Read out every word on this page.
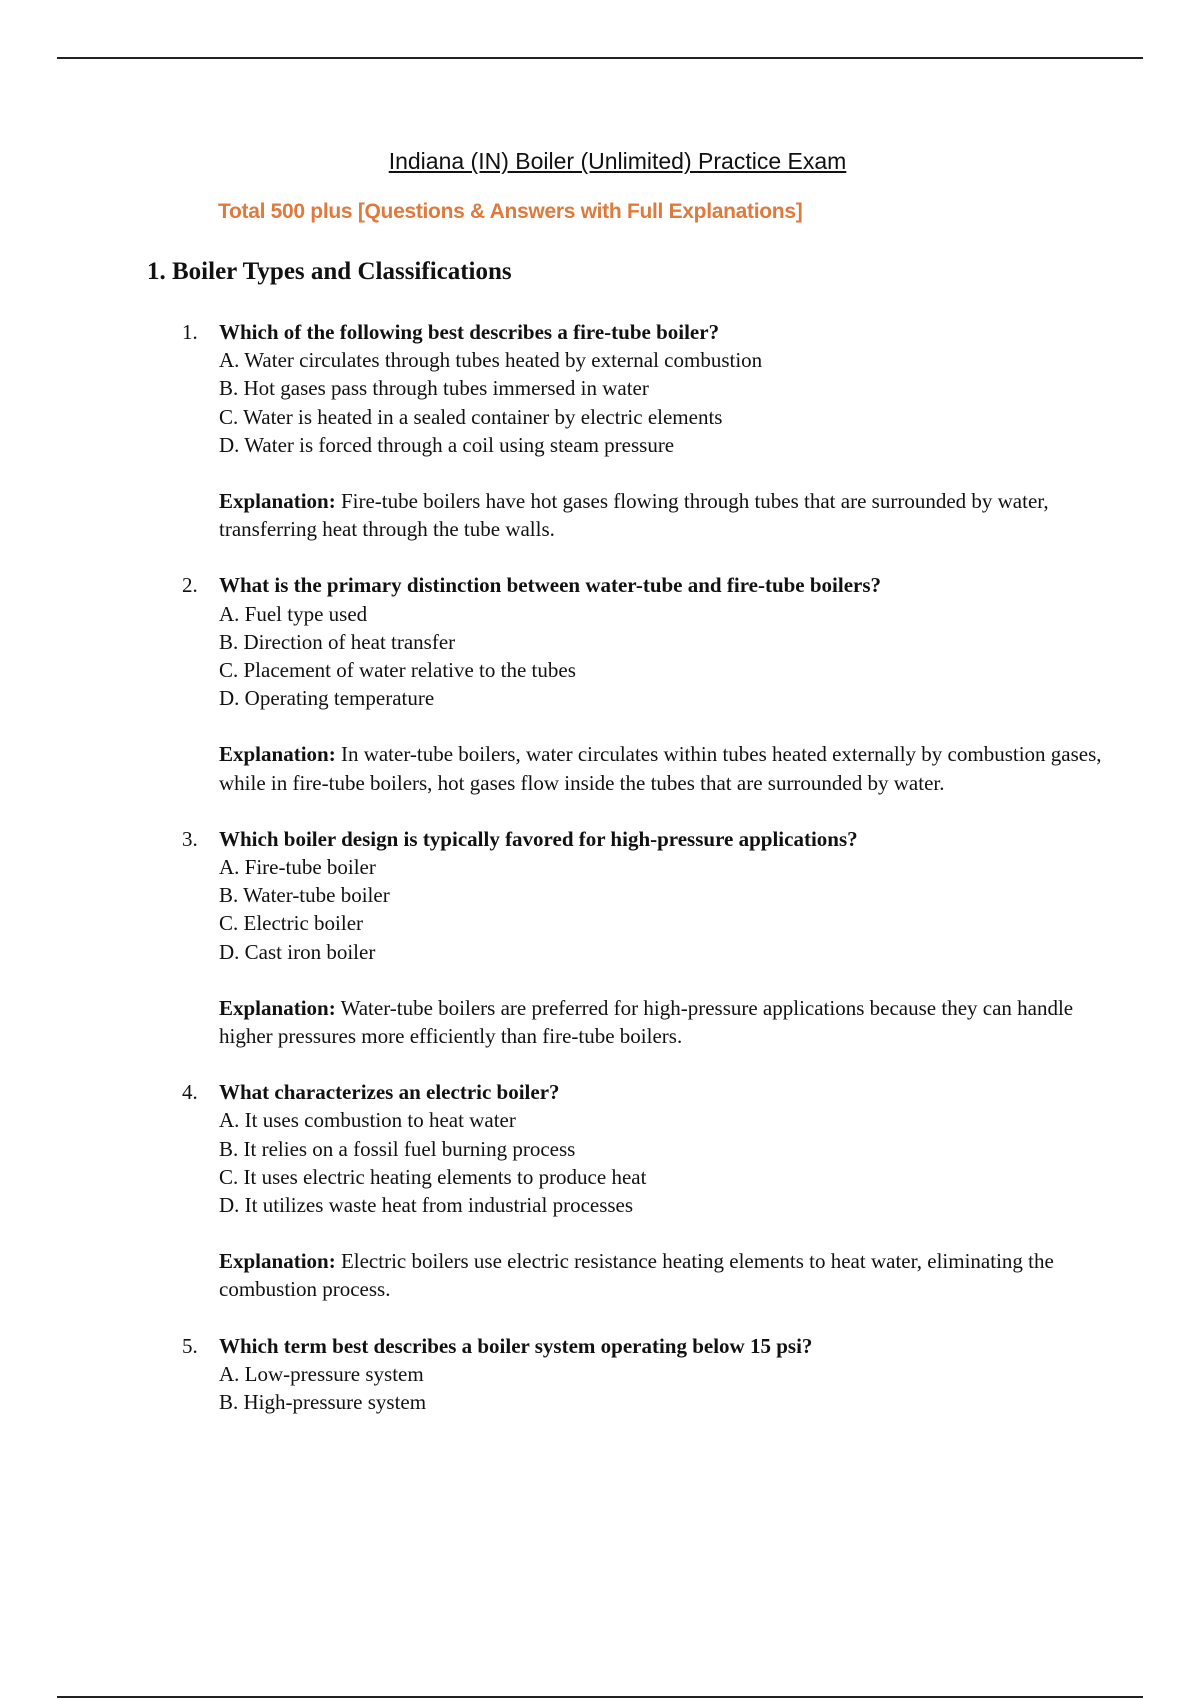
Indiana (IN) Boiler (Unlimited) Practice Exam
Total 500 plus [Questions & Answers with Full Explanations]
1. Boiler Types and Classifications
1. Which of the following best describes a fire-tube boiler?
A. Water circulates through tubes heated by external combustion
B. Hot gases pass through tubes immersed in water
C. Water is heated in a sealed container by electric elements
D. Water is forced through a coil using steam pressure
Explanation: Fire-tube boilers have hot gases flowing through tubes that are surrounded by water, transferring heat through the tube walls.
2. What is the primary distinction between water-tube and fire-tube boilers?
A. Fuel type used
B. Direction of heat transfer
C. Placement of water relative to the tubes
D. Operating temperature
Explanation: In water-tube boilers, water circulates within tubes heated externally by combustion gases, while in fire-tube boilers, hot gases flow inside the tubes that are surrounded by water.
3. Which boiler design is typically favored for high-pressure applications?
A. Fire-tube boiler
B. Water-tube boiler
C. Electric boiler
D. Cast iron boiler
Explanation: Water-tube boilers are preferred for high-pressure applications because they can handle higher pressures more efficiently than fire-tube boilers.
4. What characterizes an electric boiler?
A. It uses combustion to heat water
B. It relies on a fossil fuel burning process
C. It uses electric heating elements to produce heat
D. It utilizes waste heat from industrial processes
Explanation: Electric boilers use electric resistance heating elements to heat water, eliminating the combustion process.
5. Which term best describes a boiler system operating below 15 psi?
A. Low-pressure system
B. High-pressure system
